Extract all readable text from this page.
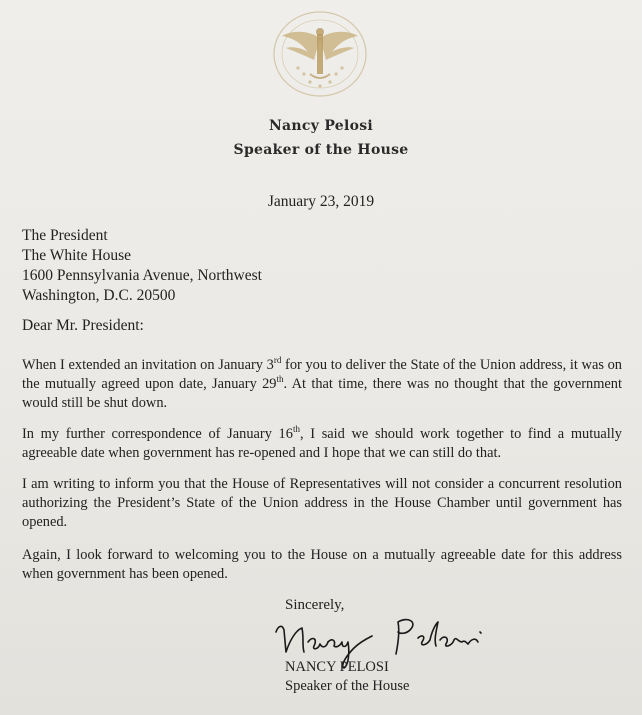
Nancy Pelosi
Speaker of the House
January 23, 2019
The President
The White House
1600 Pennsylvania Avenue, Northwest
Washington, D.C. 20500
Dear Mr. President:
When I extended an invitation on January 3rd for you to deliver the State of the Union address, it was on the mutually agreed upon date, January 29th. At that time, there was no thought that the government would still be shut down.
In my further correspondence of January 16th, I said we should work together to find a mutually agreeable date when government has re-opened and I hope that we can still do that.
I am writing to inform you that the House of Representatives will not consider a concurrent resolution authorizing the President’s State of the Union address in the House Chamber until government has opened.
Again, I look forward to welcoming you to the House on a mutually agreeable date for this address when government has been opened.
Sincerely,
NANCY PELOSI
Speaker of the House
